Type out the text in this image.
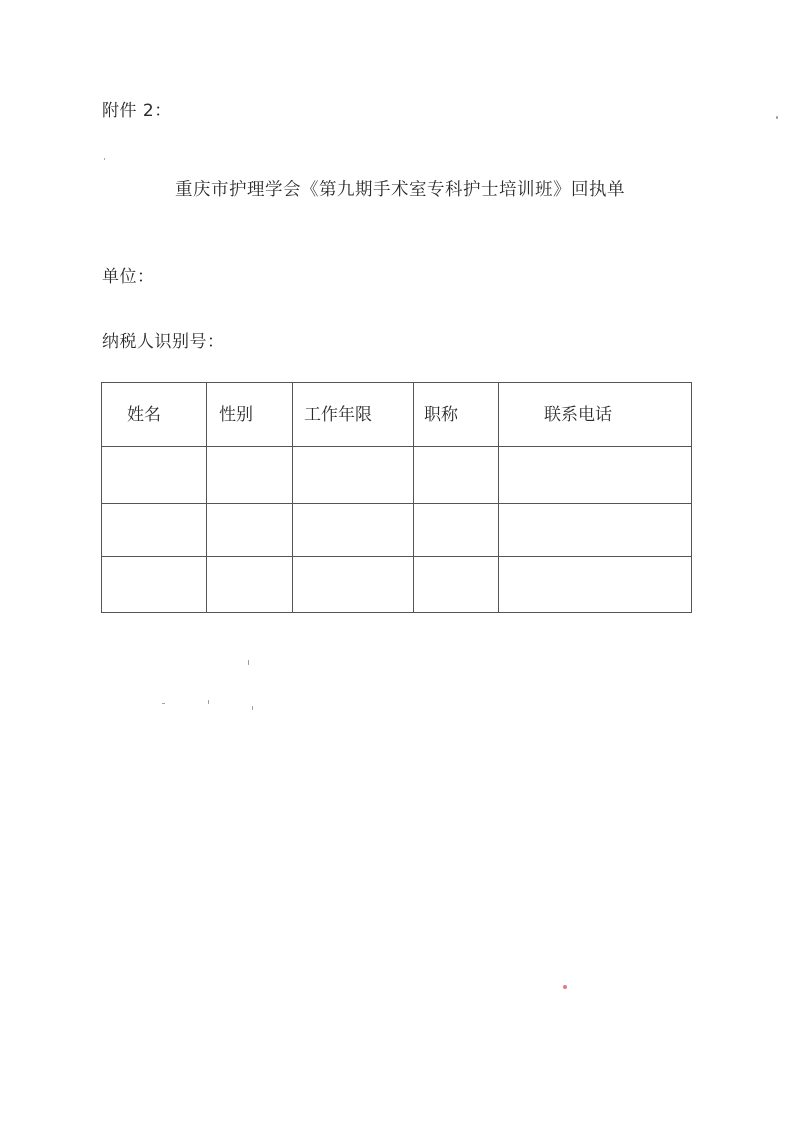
附件 2：
重庆市护理学会《第九期手术室专科护士培训班》回执单
单位：
纳税人识别号：
姓名	性别	工作年限	职称	联系电话
